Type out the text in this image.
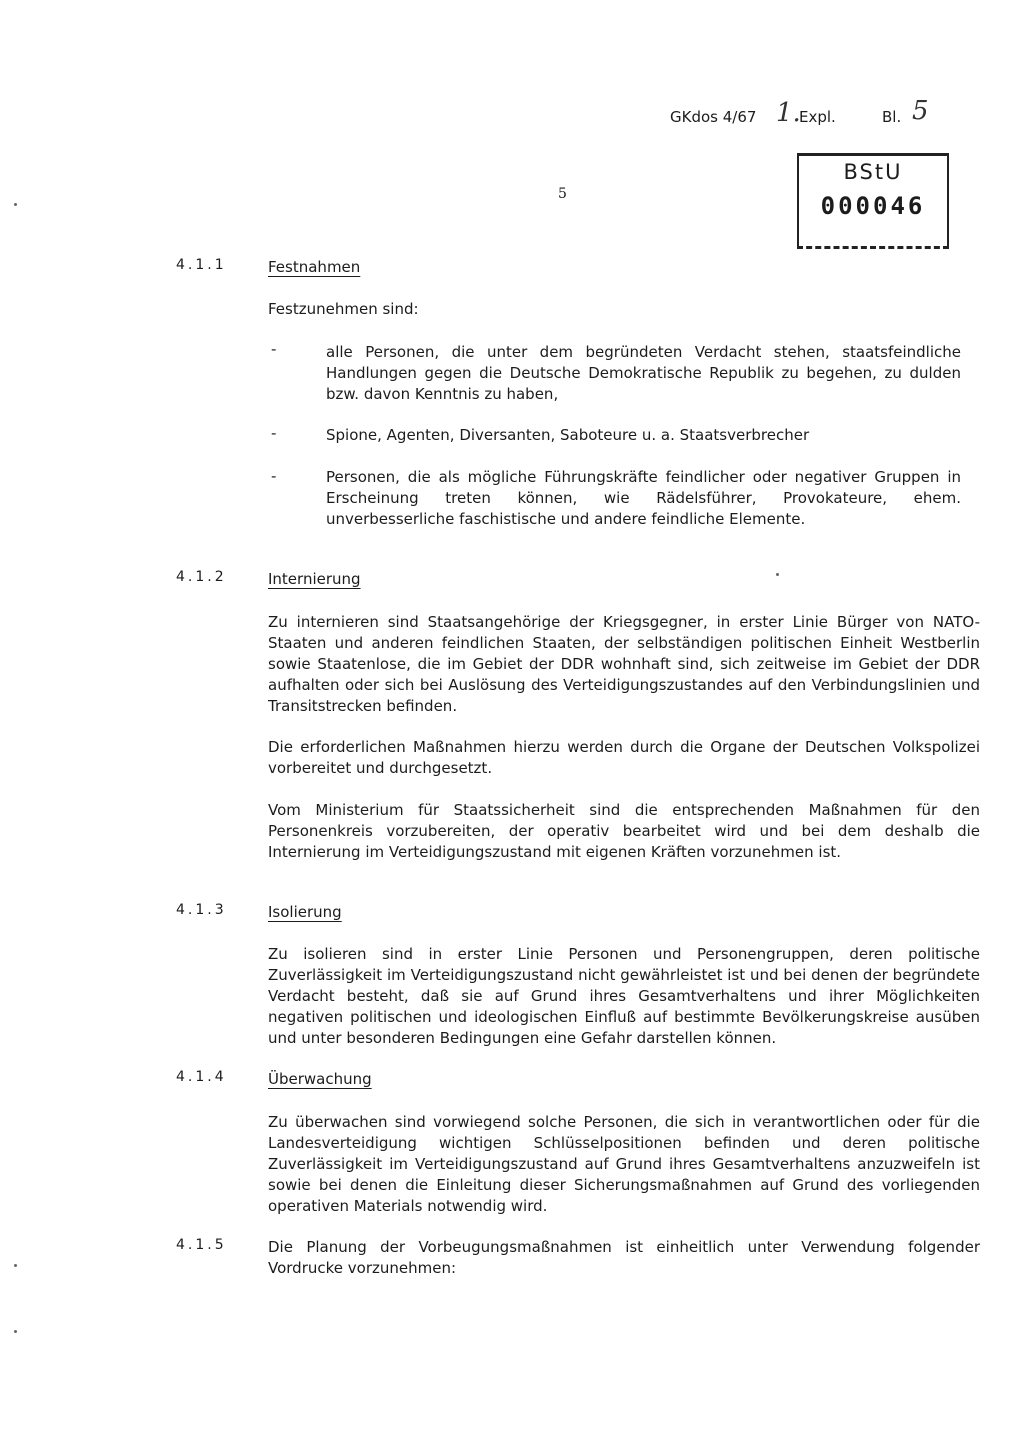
GKdos 4/67 1.
Expl.	Bl. 5
5
BStU
000046
4.1.1	Festnahmen
Festzunehmen sind:
-	alle Personen, die unter dem begründeten Verdacht stehen, staatsfeindliche Handlungen gegen die Deutsche Demokratische Republik zu begehen, zu dulden bzw. davon Kenntnis zu haben,
-	Spione, Agenten, Diversanten, Saboteure u. a. Staatsverbrecher
-	Personen, die als mögliche Führungskräfte feindlicher oder negativer Gruppen in Erscheinung treten können, wie Rädelsführer, Provokateure, ehem. unverbesserliche faschistische und andere feindliche Elemente.
4.1.2	Internierung
Zu internieren sind Staatsangehörige der Kriegsgegner, in erster Linie Bürger von NATO-Staaten und anderen feindlichen Staaten, der selbständigen politischen Einheit Westberlin sowie Staatenlose, die im Gebiet der DDR wohnhaft sind, sich zeitweise im Gebiet der DDR aufhalten oder sich bei Auslösung des Verteidigungszustandes auf den Verbindungslinien und Transitstrecken befinden.
Die erforderlichen Maßnahmen hierzu werden durch die Organe der Deutschen Volkspolizei vorbereitet und durchgesetzt.
Vom Ministerium für Staatssicherheit sind die entsprechenden Maßnahmen für den Personenkreis vorzubereiten, der operativ bearbeitet wird und bei dem deshalb die Internierung im Verteidigungszustand mit eigenen Kräften vorzunehmen ist.
4.1.3	Isolierung
Zu isolieren sind in erster Linie Personen und Personengruppen, deren politische Zuverlässigkeit im Verteidigungszustand nicht gewährleistet ist und bei denen der begründete Verdacht besteht, daß sie auf Grund ihres Gesamtverhaltens und ihrer Möglichkeiten negativen politischen und ideologischen Einfluß auf bestimmte Bevölkerungskreise ausüben und unter besonderen Bedingungen eine Gefahr darstellen können.
4.1.4	Überwachung
Zu überwachen sind vorwiegend solche Personen, die sich in verantwortlichen oder für die Landesverteidigung wichtigen Schlüsselpositionen befinden und deren politische Zuverlässigkeit im Verteidigungszustand auf Grund ihres Gesamtverhaltens anzuzweifeln ist sowie bei denen die Einleitung dieser Sicherungsmaßnahmen auf Grund des vorliegenden operativen Materials notwendig wird.
4.1.5	Die Planung der Vorbeugungsmaßnahmen ist einheitlich unter Verwendung folgender Vordrucke vorzunehmen:
